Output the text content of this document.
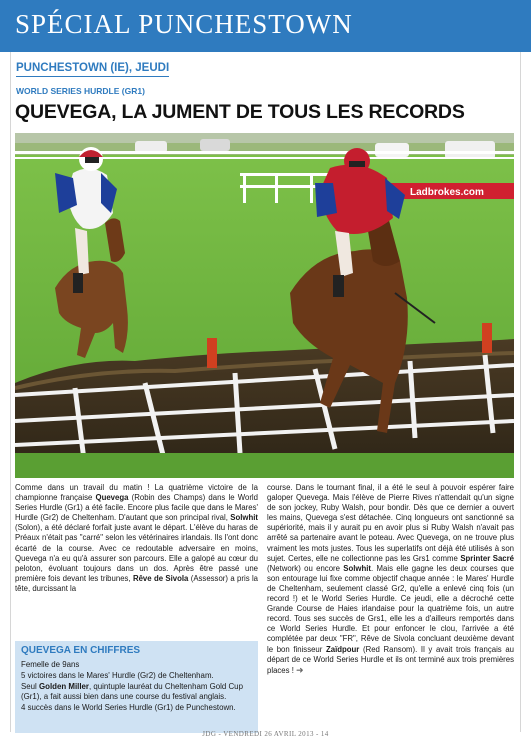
SPÉCIAL PUNCHESTOWN
PUNCHESTOWN (IE), JEUDI
WORLD SERIES HURDLE (GR1)
QUEVEGA, LA JUMENT DE TOUS LES RECORDS
Ladbrokes.com

Comme dans un travail du matin ! La quatrième victoire de la championne française Quevega (Robin des Champs) dans le World Series Hurdle (Gr1) a été facile. Encore plus facile que dans le Mares' Hurdle (Gr2) de Cheltenham. D'autant que son principal rival, Solwhit (Solon), a été déclaré forfait juste avant le départ. L'élève du haras de Préaux n'était pas "carré" selon les vétérinaires irlandais. Ils l'ont donc écarté de la course. Avec ce redoutable adversaire en moins, Quevega n'a eu qu'à assurer son parcours. Elle a galopé au cœur du peloton, évoluant toujours dans un dos. Après être passé une première fois devant les tribunes, Rêve de Sivola (Assessor) a pris la tête, durcissant la

QUEVEGA EN CHIFFRES

Femelle de 9ans

5 victoires dans le Mares' Hurdle (Gr2) de Cheltenham.

Seul Golden Miller, quintuple lauréat du Cheltenham Gold Cup (Gr1), a fait aussi bien dans une course du festival anglais.

4 succès dans le World Series Hurdle (Gr1) de Punchestown.

course. Dans le tournant final, il a été le seul à pouvoir espérer faire galoper Quevega. Mais l'élève de Pierre Rives n'attendait qu'un signe de son jockey, Ruby Walsh, pour bondir. Dès que ce dernier a ouvert les mains, Quevega s'est détachée. Cinq longueurs ont sanctionné sa supériorité, mais il y aurait pu en avoir plus si Ruby Walsh n'avait pas arrêté sa partenaire avant le poteau. Avec Quevega, on ne trouve plus vraiment les mots justes. Tous les superlatifs ont déjà été utilisés à son sujet. Certes, elle ne collectionne pas les Grs1 comme Sprinter Sacré (Network) ou encore Solwhit. Mais elle gagne les deux courses que son entourage lui fixe comme objectif chaque année : le Mares' Hurdle de Cheltenham, seulement classé Gr2, qu'elle a enlevé cinq fois (un record !) et le World Series Hurdle. Ce jeudi, elle a décroché cette Grande Course de Haies irlandaise pour la quatrième fois, un autre record. Tous ses succès de Grs1, elle les a d'ailleurs remportés dans ce World Series Hurdle. Et pour enfoncer le clou, l'arrivée a été complétée par deux "FR", Rêve de Sivola concluant deuxième devant le bon finisseur Zaïdpour (Red Ransom). Il y avait trois français au départ de ce World Series Hurdle et ils ont terminé aux trois premières places ! ➜

JDG - VENDREDI 26 AVRIL 2013 - 14
